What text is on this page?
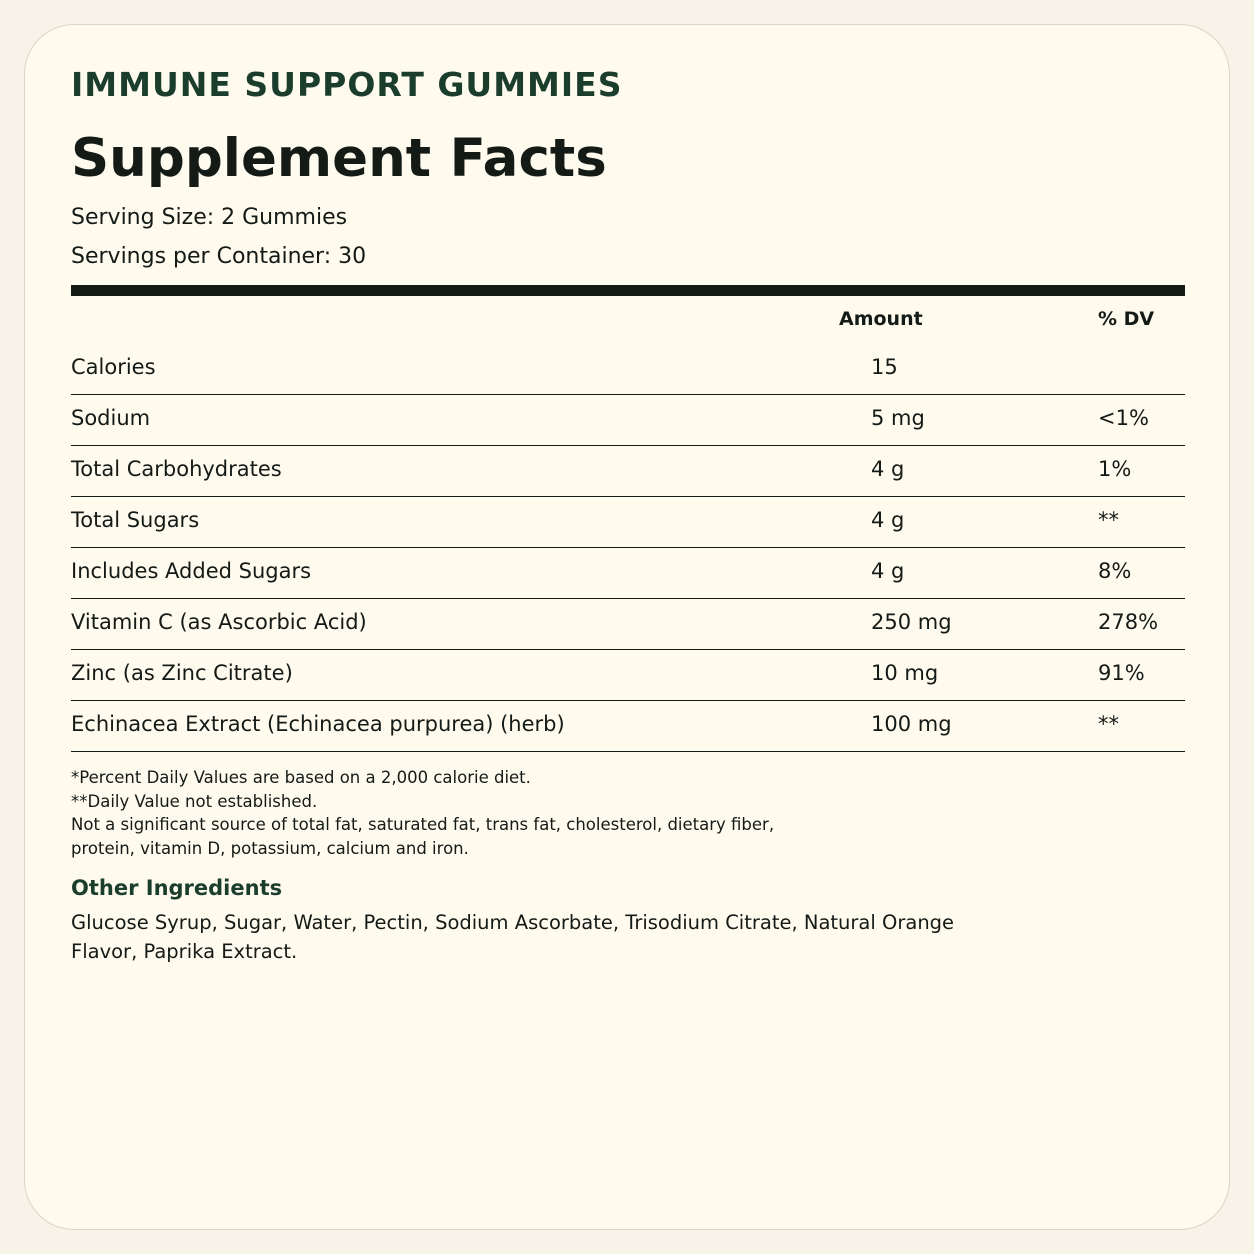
IMMUNE SUPPORT GUMMIES
Supplement Facts
Serving Size: 2 Gummies
Servings per Container: 30
Amount	% DV
Calories	15
Sodium	5 mg	<1%
Total Carbohydrates	4 g	1%
Total Sugars	4 g	**
Includes Added Sugars	4 g	8%
Vitamin C (as Ascorbic Acid)	250 mg	278%
Zinc (as Zinc Citrate)	10 mg	91%
Echinacea Extract (Echinacea purpurea) (herb)	100 mg	**
*Percent Daily Values are based on a 2,000 calorie diet.
**Daily Value not established.
Not a significant source of total fat, saturated fat, trans fat, cholesterol, dietary fiber,
protein, vitamin D, potassium, calcium and iron.
Other Ingredients
Glucose Syrup, Sugar, Water, Pectin, Sodium Ascorbate, Trisodium Citrate, Natural Orange
Flavor, Paprika Extract.
